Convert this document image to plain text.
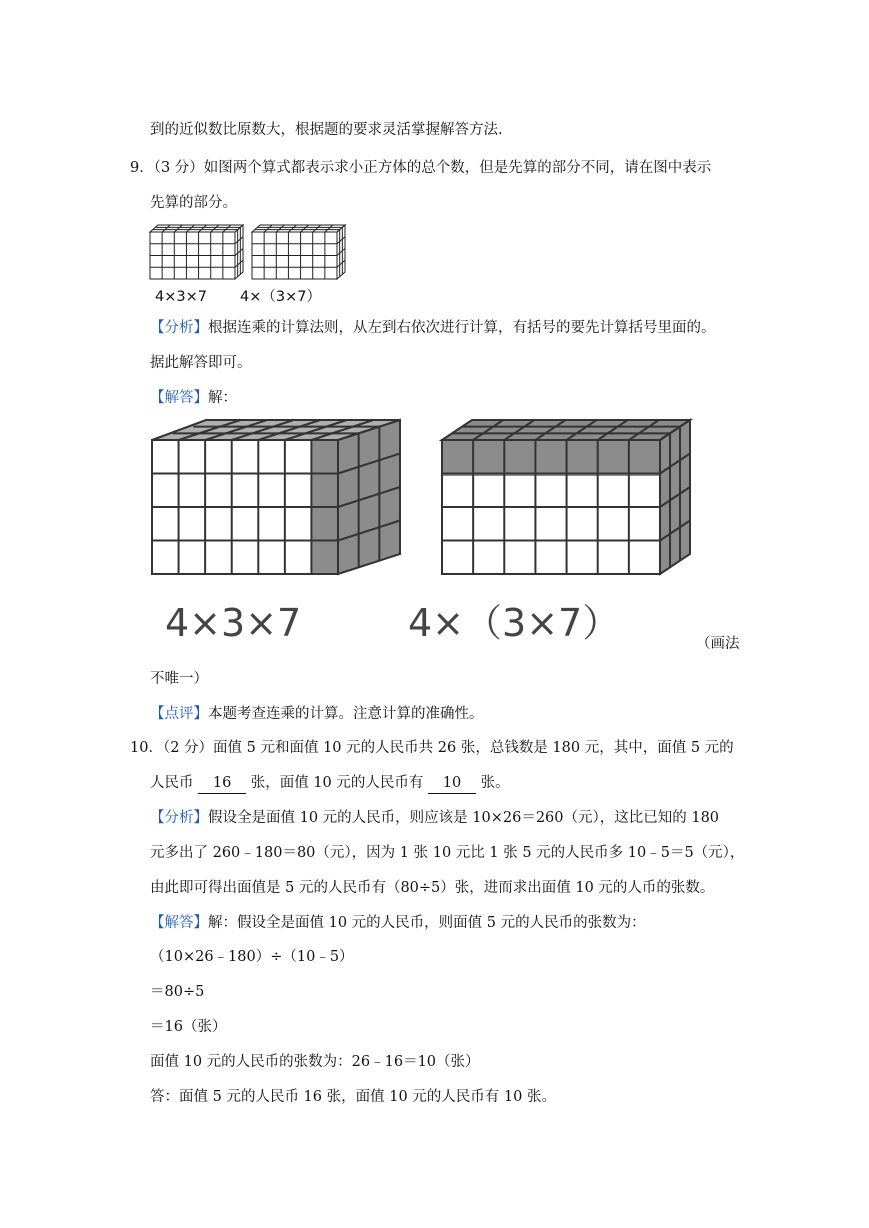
到的近似数比原数大，根据题的要求灵活掌握解答方法.
9．（3 分）如图两个算式都表示求小正方体的总个数，但是先算的部分不同，请在图中表示
先算的部分。
4×3×7 4×（3×7）
【分析】根据连乘的计算法则，从左到右依次进行计算，有括号的要先计算括号里面的。
据此解答即可。
【解答】解：
4×3×7	4×（3×7）	（画法
不唯一）
【点评】本题考查连乘的计算。注意计算的准确性。
10．（2 分）面值 5 元和面值 10 元的人民币共 26 张，总钱数是 180 元，其中，面值 5 元的
人民币 16 张，面值 10 元的人民币有 10 张。
【分析】假设全是面值 10 元的人民币，则应该是 10×26＝260（元），这比已知的 180
元多出了 260﹣180＝80（元），因为 1 张 10 元比 1 张 5 元的人民币多 10﹣5＝5（元），
由此即可得出面值是 5 元的人民币有（80÷5）张，进而求出面值 10 元的人币的张数。
【解答】解：假设全是面值 10 元的人民币，则面值 5 元的人民币的张数为：
（10×26﹣180）÷（10﹣5）
＝80÷5
＝16（张）
面值 10 元的人民币的张数为：26﹣16＝10（张）
答：面值 5 元的人民币 16 张，面值 10 元的人民币有 10 张。
